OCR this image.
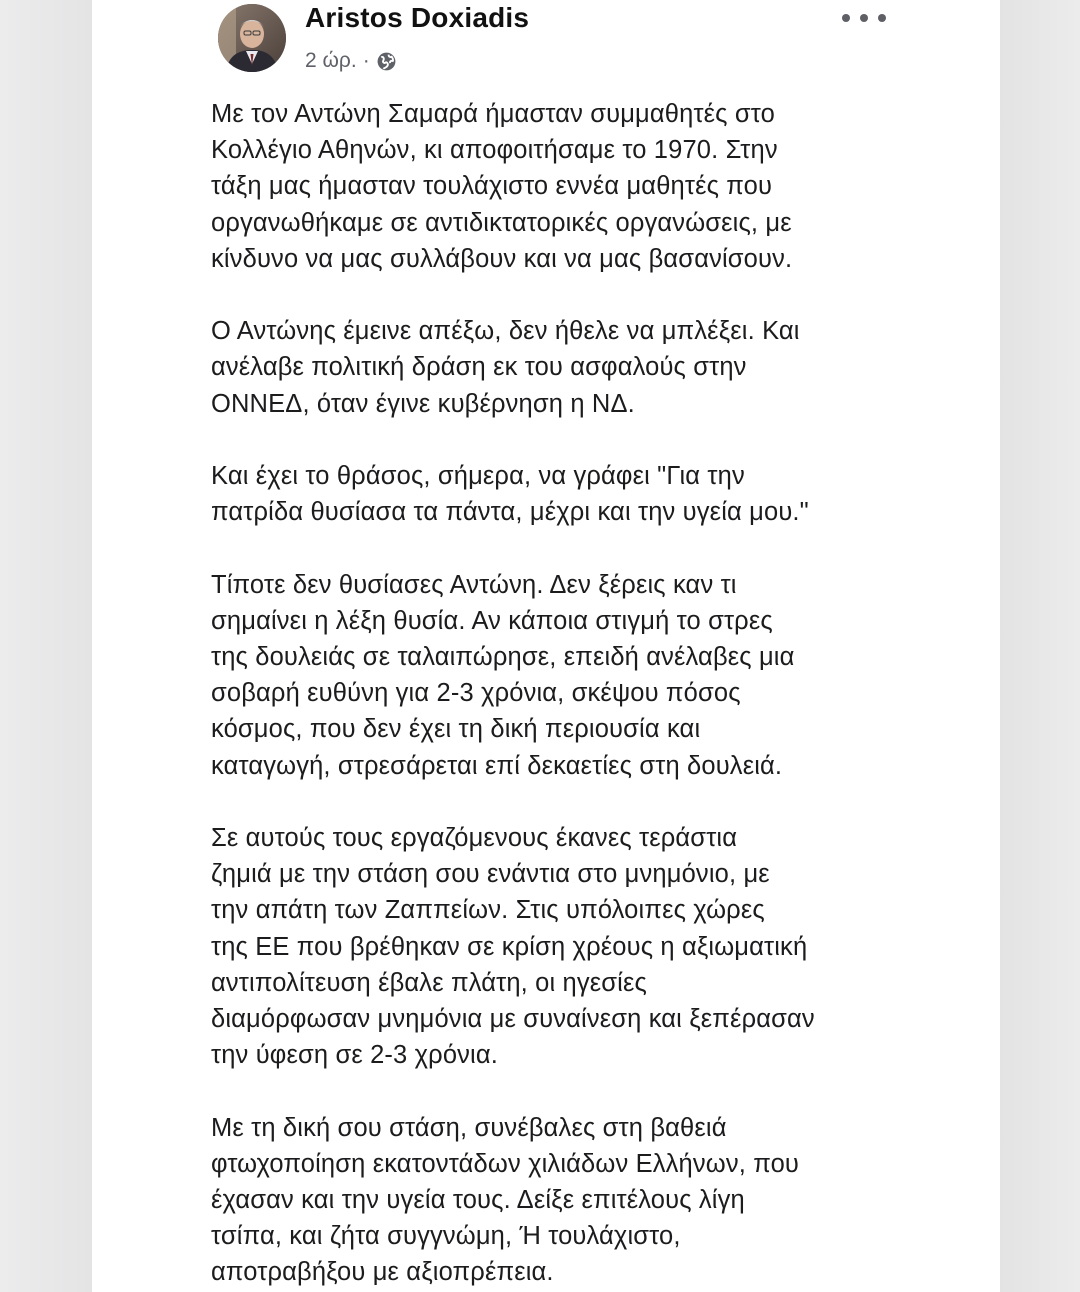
Aristos Doxiadis
2 ώρ. ·
Με τον Αντώνη Σαμαρά ήμασταν συμμαθητές στο
Κολλέγιο Αθηνών, κι αποφοιτήσαμε το 1970. Στην
τάξη μας ήμασταν τουλάχιστο εννέα μαθητές που
οργανωθήκαμε σε αντιδικτατορικές οργανώσεις, με
κίνδυνο να μας συλλάβουν και να μας βασανίσουν.
Ο Αντώνης έμεινε απέξω, δεν ήθελε να μπλέξει. Και
ανέλαβε πολιτική δράση εκ του ασφαλούς στην
ΟΝΝΕΔ, όταν έγινε κυβέρνηση η ΝΔ.
Και έχει το θράσος, σήμερα, να γράφει "Για την
πατρίδα θυσίασα τα πάντα, μέχρι και την υγεία μου."
Τίποτε δεν θυσίασες Αντώνη. Δεν ξέρεις καν τι
σημαίνει η λέξη θυσία. Αν κάποια στιγμή το στρες
της δουλειάς σε ταλαιπώρησε, επειδή ανέλαβες μια
σοβαρή ευθύνη για 2-3 χρόνια, σκέψου πόσος
κόσμος, που δεν έχει τη δική περιουσία και
καταγωγή, στρεσάρεται επί δεκαετίες στη δουλειά.
Σε αυτούς τους εργαζόμενους έκανες τεράστια
ζημιά με την στάση σου ενάντια στο μνημόνιο, με
την απάτη των Ζαππείων. Στις υπόλοιπες χώρες
της ΕΕ που βρέθηκαν σε κρίση χρέους η αξιωματική
αντιπολίτευση έβαλε πλάτη, οι ηγεσίες
διαμόρφωσαν μνημόνια με συναίνεση και ξεπέρασαν
την ύφεση σε 2-3 χρόνια.
Με τη δική σου στάση, συνέβαλες στη βαθειά
φτωχοποίηση εκατοντάδων χιλιάδων Ελλήνων, που
έχασαν και την υγεία τους. Δείξε επιτέλους λίγη
τσίπα, και ζήτα συγγνώμη, Ή τουλάχιστο,
αποτραβήξου με αξιοπρέπεια.
